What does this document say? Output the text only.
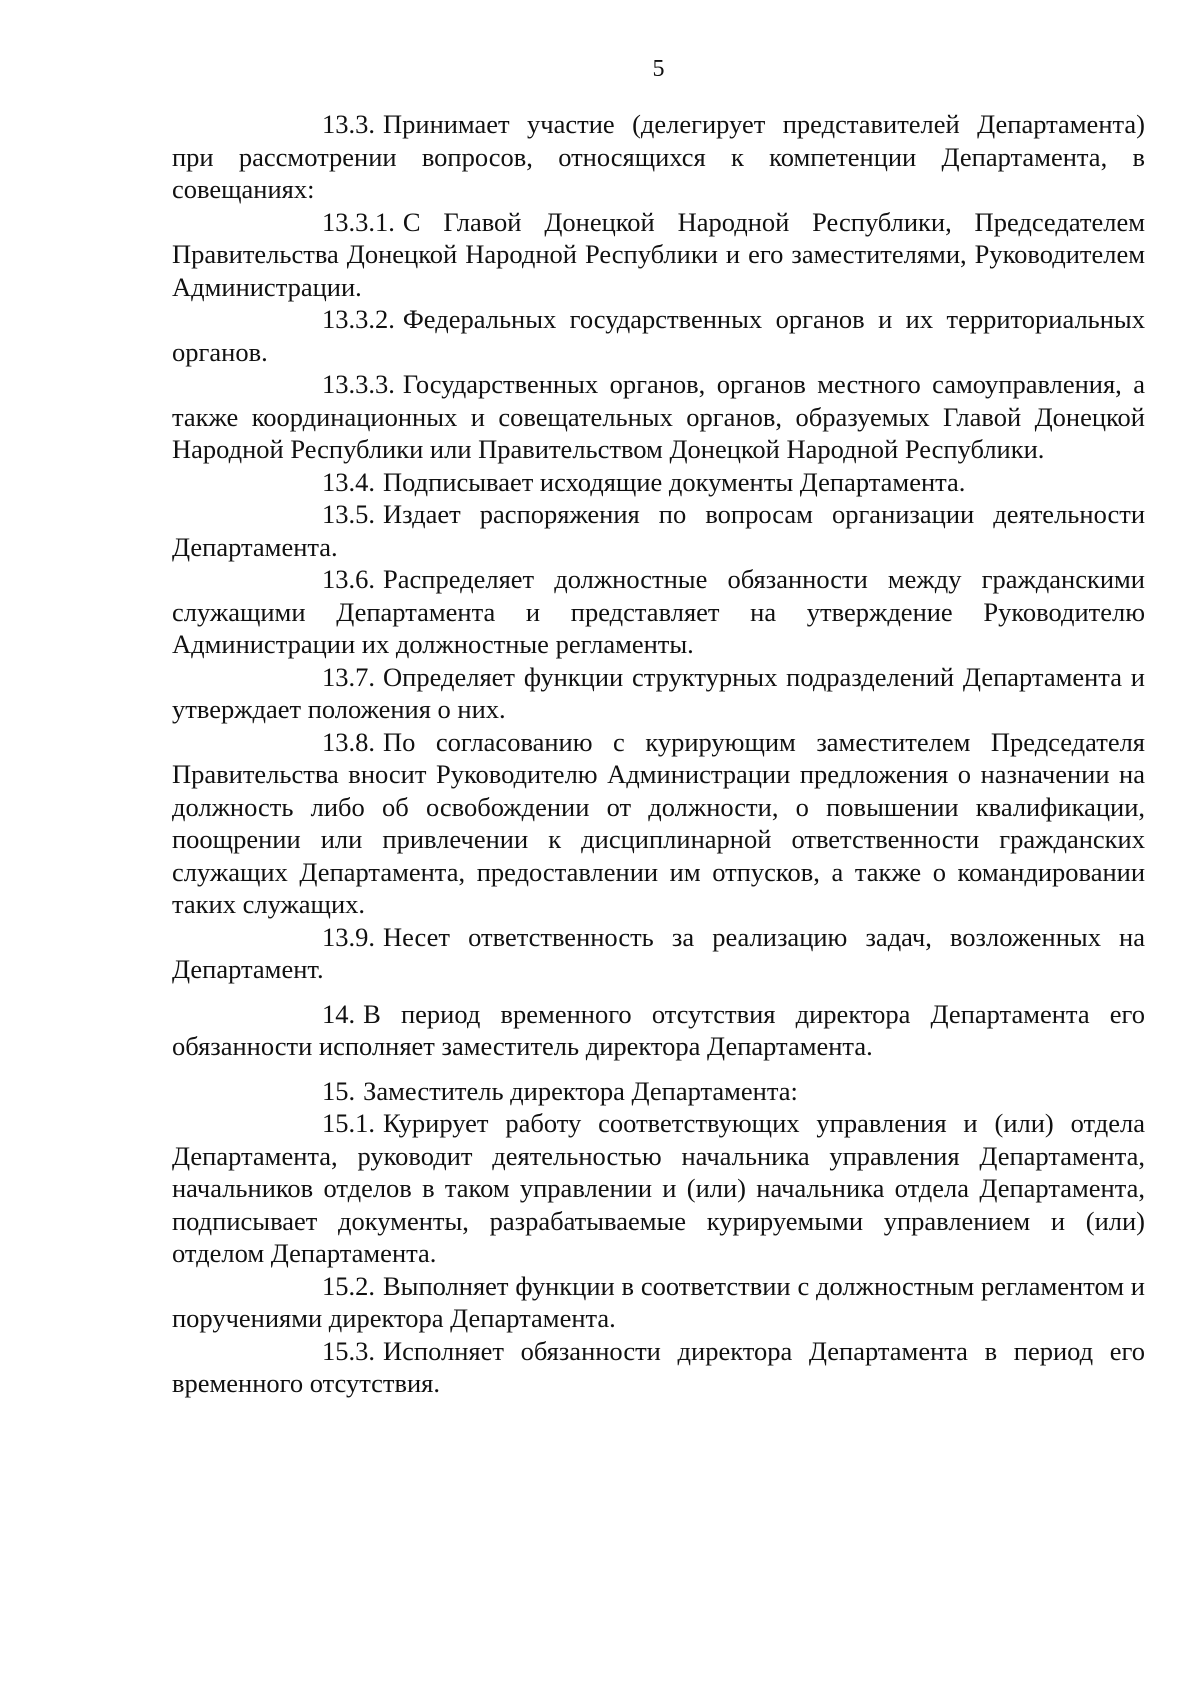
5

13.3. Принимает участие (делегирует представителей Департамента) при рассмотрении вопросов, относящихся к компетенции Департамента, в совещаниях:

13.3.1. С Главой Донецкой Народной Республики, Председателем Правительства Донецкой Народной Республики и его заместителями, Руководителем Администрации.

13.3.2. Федеральных государственных органов и их территориальных органов.

13.3.3. Государственных органов, органов местного самоуправления, а также координационных и совещательных органов, образуемых Главой Донецкой Народной Республики или Правительством Донецкой Народной Республики.

13.4. Подписывает исходящие документы Департамента.

13.5. Издает распоряжения по вопросам организации деятельности Департамента.

13.6. Распределяет должностные обязанности между гражданскими служащими Департамента и представляет на утверждение Руководителю Администрации их должностные регламенты.

13.7. Определяет функции структурных подразделений Департамента и утверждает положения о них.

13.8. По согласованию с курирующим заместителем Председателя Правительства вносит Руководителю Администрации предложения о назначении на должность либо об освобождении от должности, о повышении квалификации, поощрении или привлечении к дисциплинарной ответственности гражданских служащих Департамента, предоставлении им отпусков, а также о командировании таких служащих.

13.9. Несет ответственность за реализацию задач, возложенных на Департамент.

14. В период временного отсутствия директора Департамента его обязанности исполняет заместитель директора Департамента.

15. Заместитель директора Департамента:

15.1. Курирует работу соответствующих управления и (или) отдела Департамента, руководит деятельностью начальника управления Департамента, начальников отделов в таком управлении и (или) начальника отдела Департамента, подписывает документы, разрабатываемые курируемыми управлением и (или) отделом Департамента.

15.2. Выполняет функции в соответствии с должностным регламентом и поручениями директора Департамента.

15.3. Исполняет обязанности директора Департамента в период его временного отсутствия.
